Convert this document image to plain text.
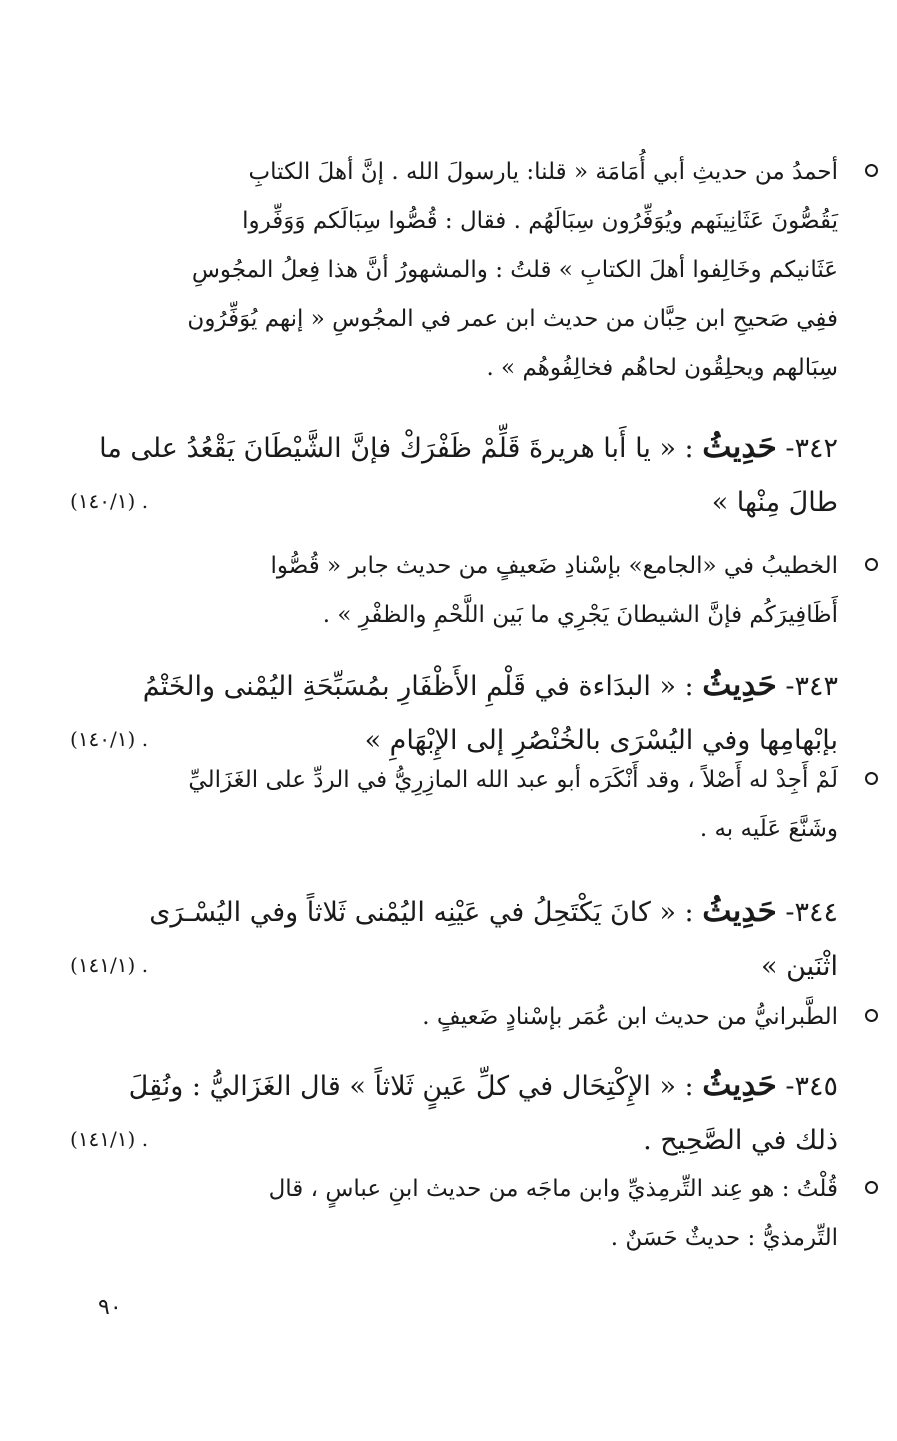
أحمدُ من حديثِ أبي أُمَامَة « قلنا: يارسولَ الله . إنَّ أهلَ الكتابِ
يَقُصُّونَ عَثَانِينَهم ويُوَفِّرُون سِبَالَهُم . فقال : قُصُّوا سِبَالَكم وَوَفِّروا
عَثَانيكم وخَالِفوا أهلَ الكتابِ » قلتُ : والمشهورُ أنَّ هذا فِعلُ المجُوسِ
ففِي صَحيحِ ابن حِبَّان من حديث ابن عمر في المجُوسِ « إنهم يُوَفِّرُون
سِبَالهم ويحلِقُون لحاهُم فخالِفُوهُم » .
٣٤٢- حَدِيثُ : « يا أَبا هريرةَ قَلِّمْ ظَفْرَكْ فإنَّ الشَّيْطَانَ يَقْعُدُ على ما
طالَ مِنْها »
(١٤٠/١) .
الخطيبُ في «الجامع» بإسْنادِ ضَعيفٍ من حديث جابر « قُصُّوا
أَظَافِيرَكُم فإنَّ الشيطانَ يَجْرِي ما بَين اللَّحْمِ والظفْرِ » .
٣٤٣- حَدِيثُ : « البدَاءة في قَلْمِ الأَظْفَارِ بمُسَبِّحَةِ اليُمْنى والخَتْمُ
بإبْهامِها وفي اليُسْرَى بالخُنْصُرِ إلى الإِبْهَامِ »
(١٤٠/١) .
لَمْ أَجِدْ له أَصْلاً ، وقد أَنْكَرَه أبو عبد الله المازِرِيُّ في الردِّ على الغَزَاليِّ
وشَنَّعَ عَلَيه به .
٣٤٤- حَدِيثُ : « كانَ يَكْتَحِلُ في عَيْنِه اليُمْنى ثَلاثاً وفي اليُسْـرَى
اثْنَين »
(١٤١/١) .
الطَّبرانيُّ من حديث ابن عُمَر بإسْنادٍ ضَعيفٍ .
٣٤٥- حَدِيثُ : « الإِكْتِحَال في كلِّ عَينٍ ثَلاثاً » قال الغَزَاليُّ : ونُقِلَ
ذلك في الصَّحِيح .
(١٤١/١) .
قُلْتُ : هو عِند التِّرمِذيِّ وابن ماجَه من حديث ابنِ عباسٍ ، قال
التِّرمذيُّ : حديثٌ حَسَنٌ .
٩٠
